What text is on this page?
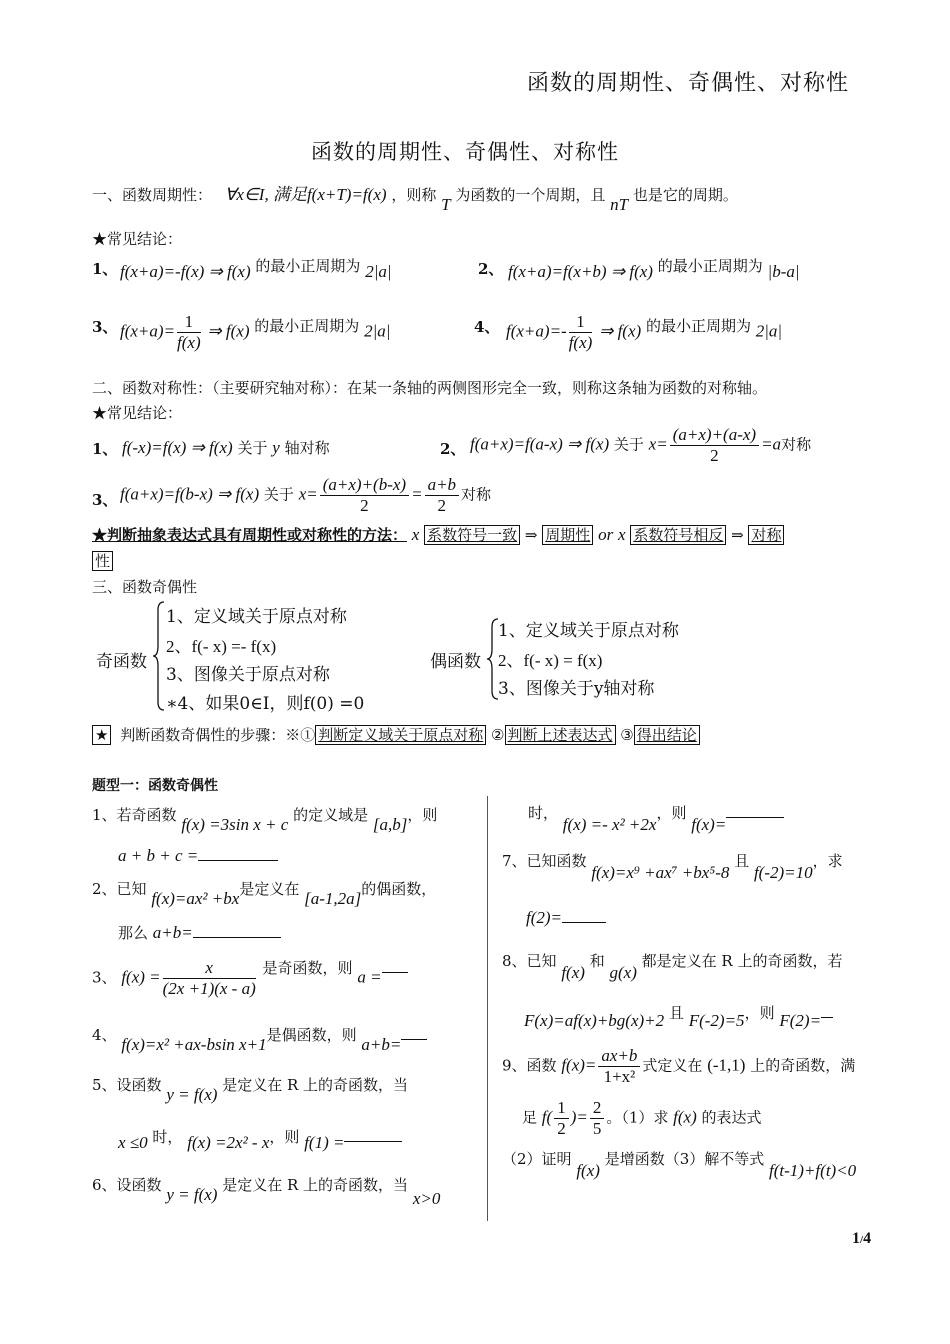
函数的周期性、奇偶性、对称性
函数的周期性、奇偶性、对称性
一、函数周期性： ∀x∈I, 满足f(x+T)=f(x) ，则称 T 为函数的一个周期，且 nT 也是它的周期。
★常见结论：
1、 f(x+a)=-f(x) ⇒ f(x) 的最小正周期为 2|a|	2、 f(x+a)=f(x+b) ⇒ f(x) 的最小正周期为 |b-a|
3、 $f(x+a)= \frac{1}{f(x)}$ ⇒ f(x) 的最小正周期为 2|a|	4、 $f(x+a)=- \frac{1}{f(x)}$ ⇒ f(x) 的最小正周期为 2|a|
二、函数对称性：（主要研究轴对称）：在某一条轴的两侧图形完全一致，则称这条轴为函数的对称轴。
★常见结论：
1、 f(-x)=f(x) ⇒ f(x) 关于 y 轴对称	2、 f(a+x)=f(a-x) ⇒ f(x) 关于 $x= \frac{(a+x)+(a-x)}{2} =a$对称
3、 f(a+x)=f(b-x) ⇒ f(x) 关于 $x= \frac{(a+x)+(b-x)}{2} = \frac{a+b}{2}$ 对称
★判断抽象表达式具有周期性或对称性的方法： x 系数符号一致 ⇒ 周期性 or x 系数符号相反 ⇒ 对称
性
三、函数奇偶性
奇函数
1、定义域关于原点对称
2、f(- x) =- f(x)
3、图像关于原点对称
∗4、如果0∈I，则f(0) =0
偶函数
1、定义域关于原点对称
2、f(- x) = f(x)
3、图像关于y轴对称
★ 判断函数奇偶性的步骤：※① 判断定义域关于原点对称 ② 判断上述表达式 ③ 得出结论
题型一：函数奇偶性
1、若奇函数 f(x) =3sin x + c 的定义域是 [a,b]，则
a + b + c =
2、已知 f(x)=ax² +bx是定义在 [a-1,2a]的偶函数，
那么 a+b=
3、 $f(x) = \frac{x}{(2x +1)(x - a)}$ 是奇函数，则 a =
4、 f(x)=x² +ax-bsin x+1是偶函数，则 a+b=
5、设函数 y = f(x) 是定义在 R 上的奇函数，当
x ≤0 时， f(x) =2x² - x，则 f(1) =
6、设函数 y = f(x) 是定义在 R 上的奇函数，当 x>0
时， f(x) =- x² +2x，则 f(x)=
7、已知函数 f(x)=x⁹ +ax⁷ +bx⁵-8 且 f(-2)=10，求
f(2)=
8、已知 f(x) 和 g(x) 都是定义在 R 上的奇函数，若
F(x)=af(x)+bg(x)+2 且 F(-2)=5，则 F(2)=
9、函数 $f(x)= \frac{ax+b}{\text{1+x²}}$ 式定义在 (-1,1) 上的奇函数，满
足 $f( \frac{1}{2}$ )= $\frac{2}{5}$ 。（1）求 f(x) 的表达式
（2）证明 f(x) 是增函数（3）解不等式 f(t-1)+f(t)<0
1/4
